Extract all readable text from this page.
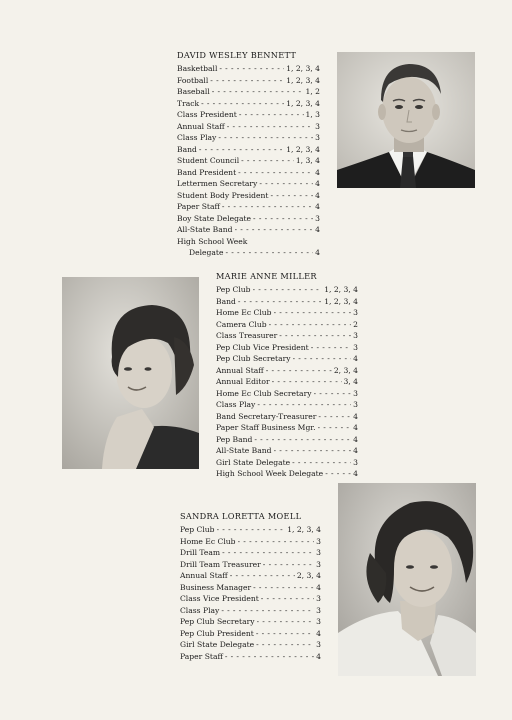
DAVID WESLEY BENNETT
Basketball - - -	1, 2, 3, 4
Football - - -	1, 2, 3, 4
Baseball - - -	1, 2
Track - - -	1, 2, 3, 4
Class President - - -	1, 3
Annual Staff - - -	3
Class Play - - -	3
Band - - -	1, 2, 3, 4
Student Council - - -	1, 3, 4
Band President - - -	4
Lettermen Secretary - - -	4
Student Body President - - -	4
Paper Staff - - -	4
Boy State Delegate - - -	3
All-State Band - - -	4
High School Week
Delegate - - -	4
MARIE ANNE MILLER
Pep Club - - -	1, 2, 3, 4
Band - - -	1, 2, 3, 4
Home Ec Club - - -	3
Camera Club - - -	2
Class Treasurer - - -	3
Pep Club Vice President - - -	3
Pep Club Secretary - - -	4
Annual Staff - - -	2, 3, 4
Annual Editor - - -	3, 4
Home Ec Club Secretary - - -	3
Class Play - - -	3
Band Secretary-Treasurer - - -	4
Paper Staff Business Mgr. - - -	4
Pep Band - - -	4
All-State Band - - -	4
Girl State Delegate - - -	3
High School Week Delegate - - -	4
SANDRA LORETTA MOELL
Pep Club - - -	1, 2, 3, 4
Home Ec Club - - -	3
Drill Team - - -	3
Drill Team Treasurer - - -	3
Annual Staff - - -	2, 3, 4
Business Manager - - -	4
Class Vice President - - -	3
Class Play - - -	3
Pep Club Secretary - - -	3
Pep Club President - - -	4
Girl State Delegate - - -	3
Paper Staff - - -	4
